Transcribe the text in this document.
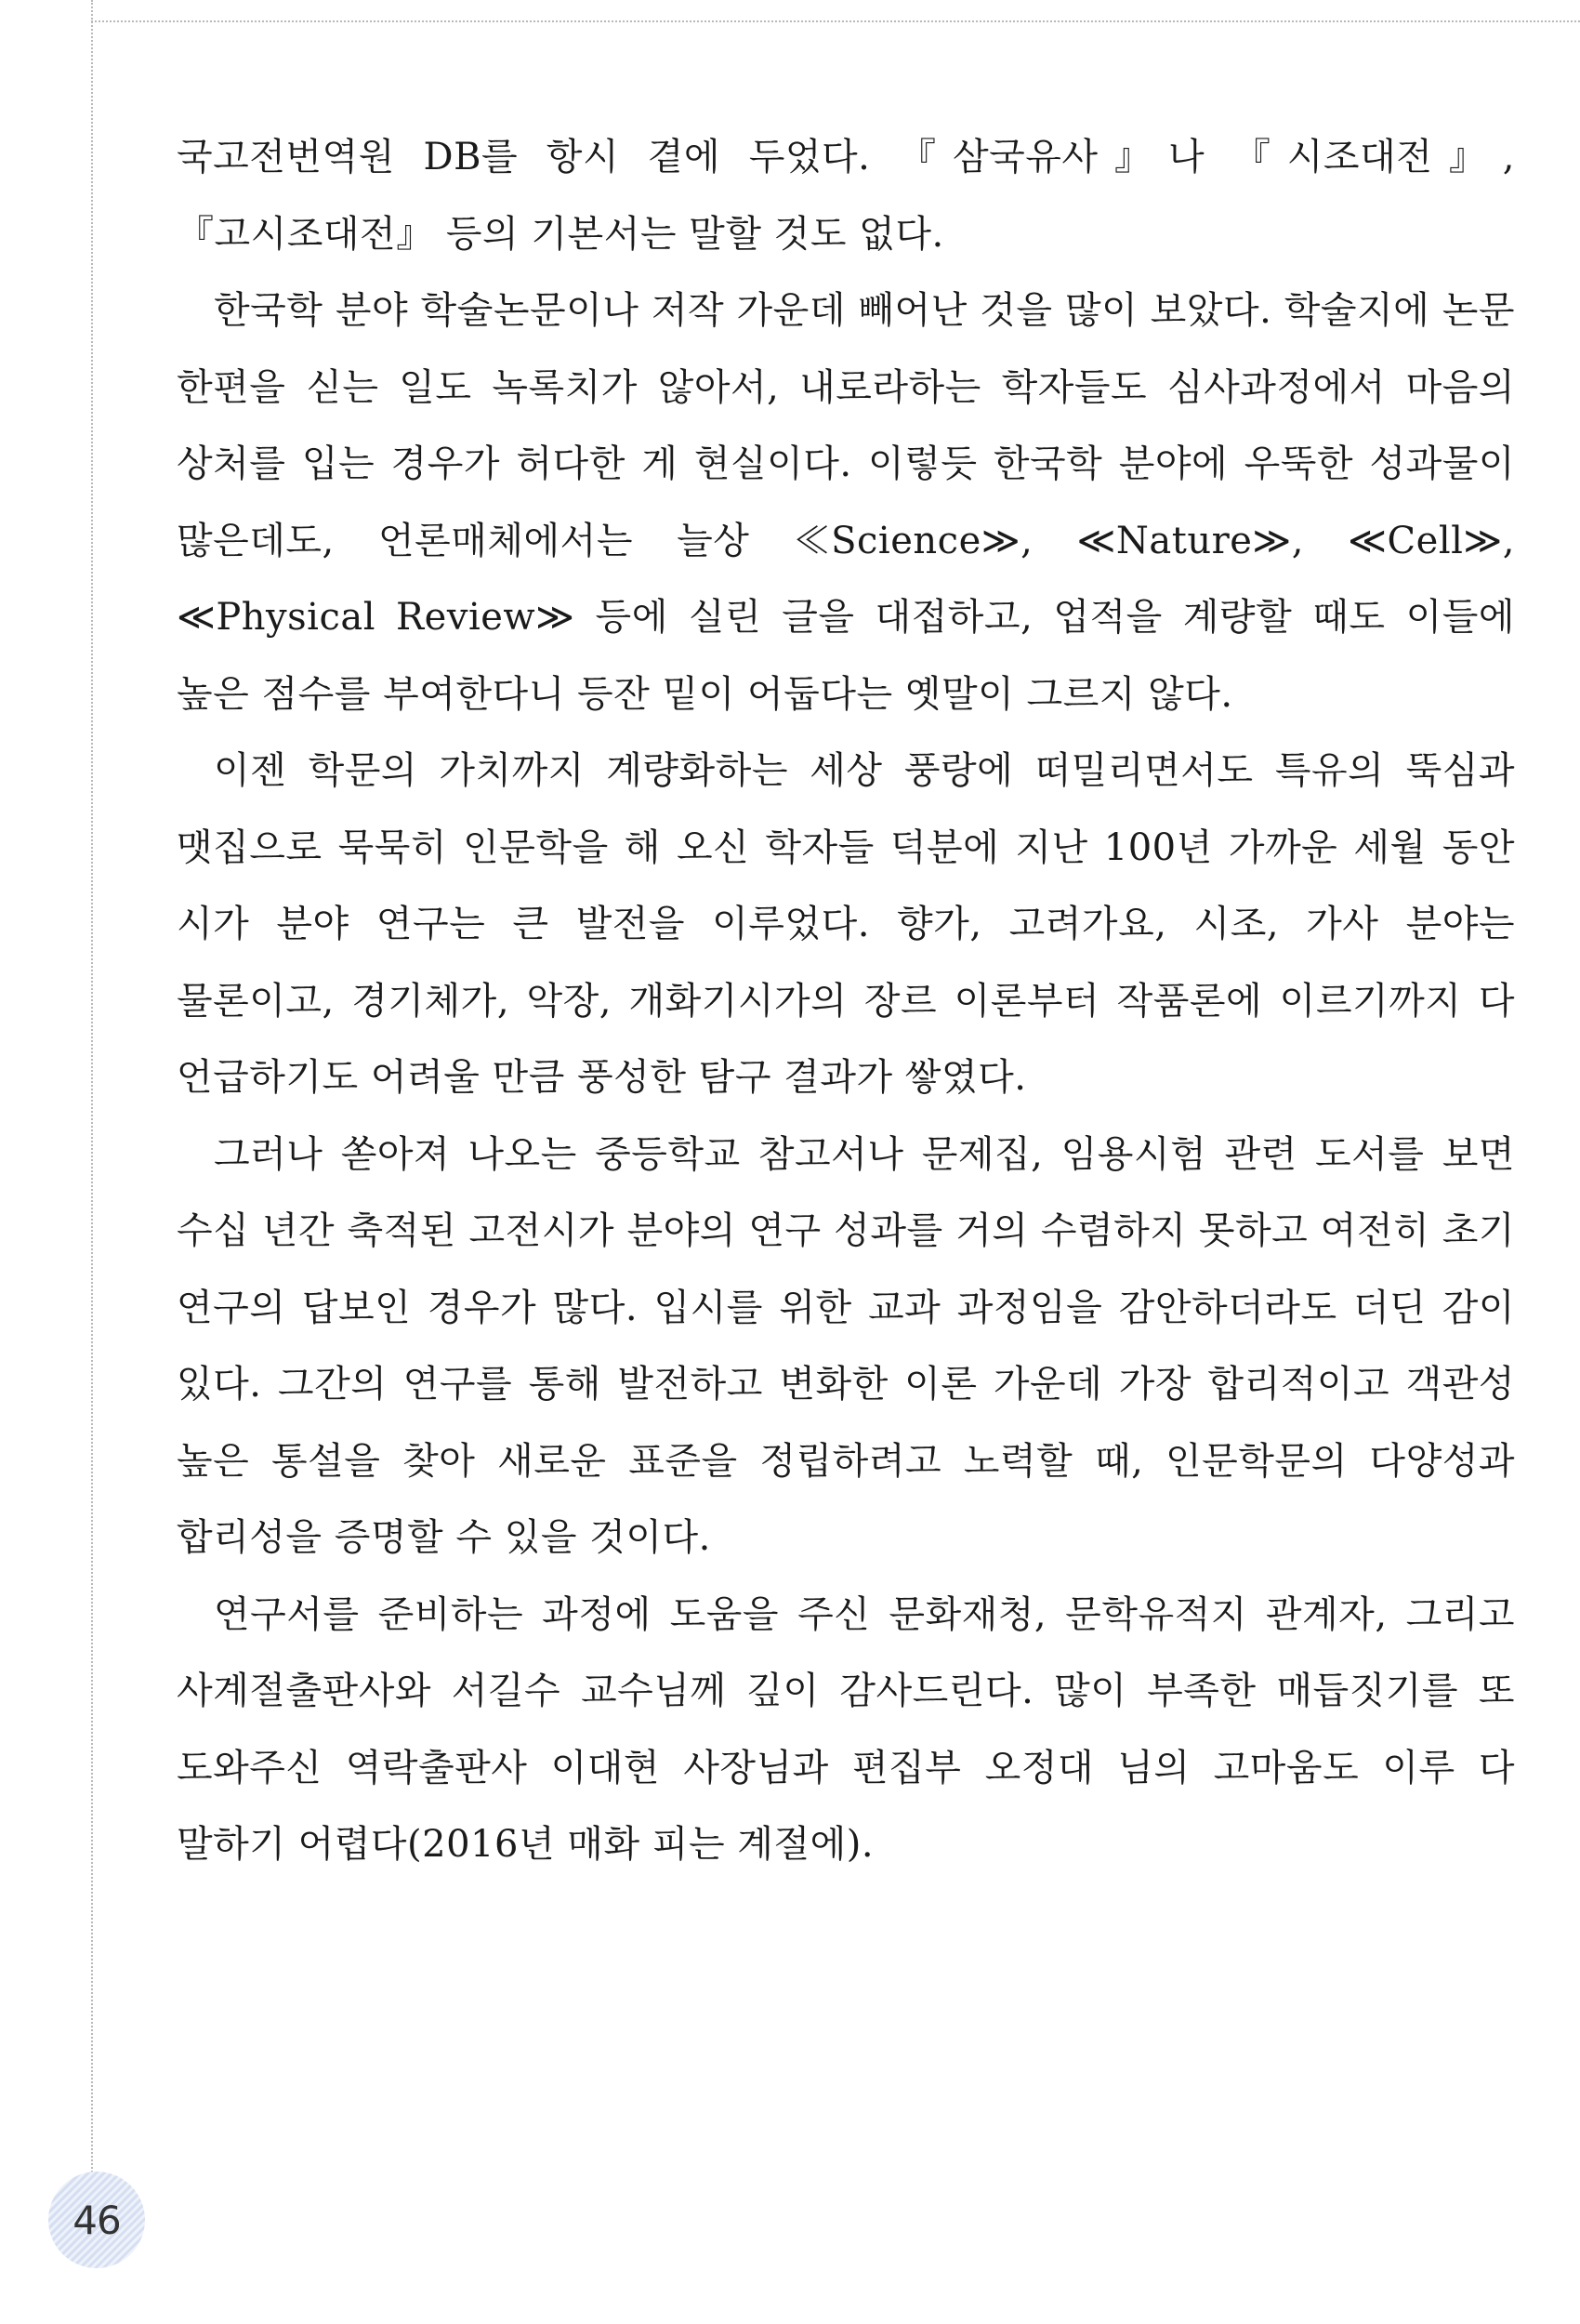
국고전번역원 DB를 항시 곁에 두었다. 『삼국유사』나 『시조대전』, 『고시조대전』 등의 기본서는 말할 것도 없다.

한국학 분야 학술논문이나 저작 가운데 빼어난 것을 많이 보았다. 학술지에 논문 한편을 싣는 일도 녹록치가 않아서, 내로라하는 학자들도 심사과정에서 마음의 상처를 입는 경우가 허다한 게 현실이다. 이렇듯 한국학 분야에 우뚝한 성과물이 많은데도, 언론매체에서는 늘상 ≪Science≫, ≪Nature≫, ≪Cell≫, ≪Physical Review≫ 등에 실린 글을 대접하고, 업적을 계량할 때도 이들에 높은 점수를 부여한다니 등잔 밑이 어둡다는 옛말이 그르지 않다.

이젠 학문의 가치까지 계량화하는 세상 풍랑에 떠밀리면서도 특유의 뚝심과 맷집으로 묵묵히 인문학을 해 오신 학자들 덕분에 지난 100년 가까운 세월 동안 시가 분야 연구는 큰 발전을 이루었다. 향가, 고려가요, 시조, 가사 분야는 물론이고, 경기체가, 악장, 개화기시가의 장르 이론부터 작품론에 이르기까지 다 언급하기도 어려울 만큼 풍성한 탐구 결과가 쌓였다.

그러나 쏟아져 나오는 중등학교 참고서나 문제집, 임용시험 관련 도서를 보면 수십 년간 축적된 고전시가 분야의 연구 성과를 거의 수렴하지 못하고 여전히 초기 연구의 답보인 경우가 많다. 입시를 위한 교과 과정임을 감안하더라도 더딘 감이 있다. 그간의 연구를 통해 발전하고 변화한 이론 가운데 가장 합리적이고 객관성 높은 통설을 찾아 새로운 표준을 정립하려고 노력할 때, 인문학문의 다양성과 합리성을 증명할 수 있을 것이다.

연구서를 준비하는 과정에 도움을 주신 문화재청, 문학유적지 관계자, 그리고 사계절출판사와 서길수 교수님께 깊이 감사드린다. 많이 부족한 매듭짓기를 또 도와주신 역락출판사 이대현 사장님과 편집부 오정대 님의 고마움도 이루 다 말하기 어렵다(2016년 매화 피는 계절에).

46
